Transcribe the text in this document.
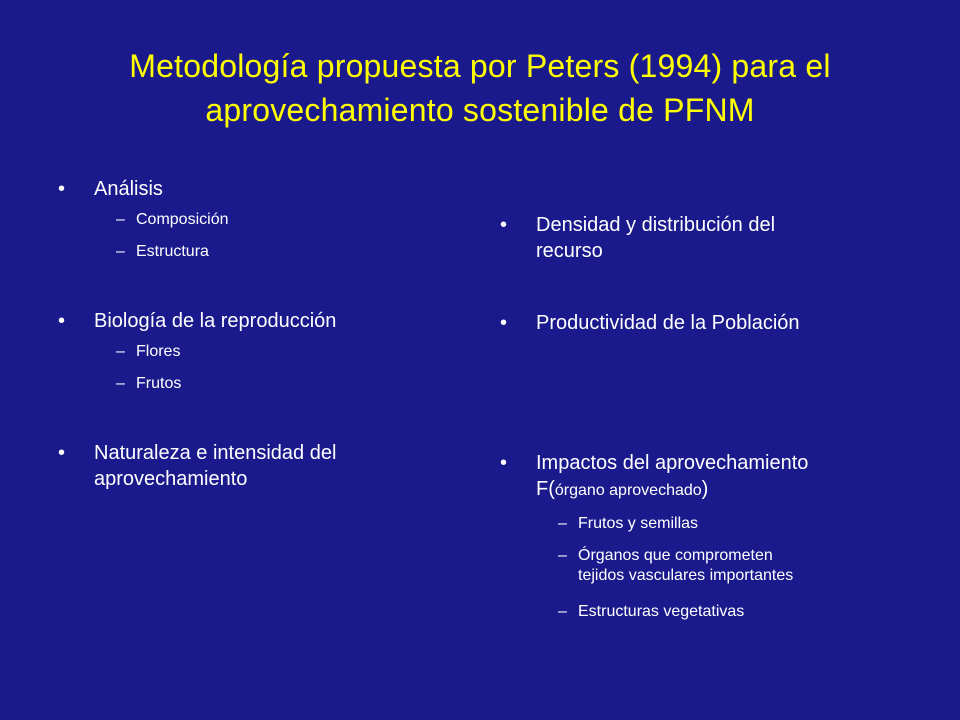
Metodología propuesta por Peters (1994) para el
aprovechamiento sostenible de PFNM
• Análisis
– Composición
– Estructura
• Biología de la reproducción
– Flores
– Frutos
• Naturaleza e intensidad del
aprovechamiento
• Densidad y distribución del
recurso
• Productividad de la Población
• Impactos del aprovechamiento
F(órgano aprovechado)
– Frutos y semillas
– Órganos que comprometen
tejidos vasculares importantes
– Estructuras vegetativas
